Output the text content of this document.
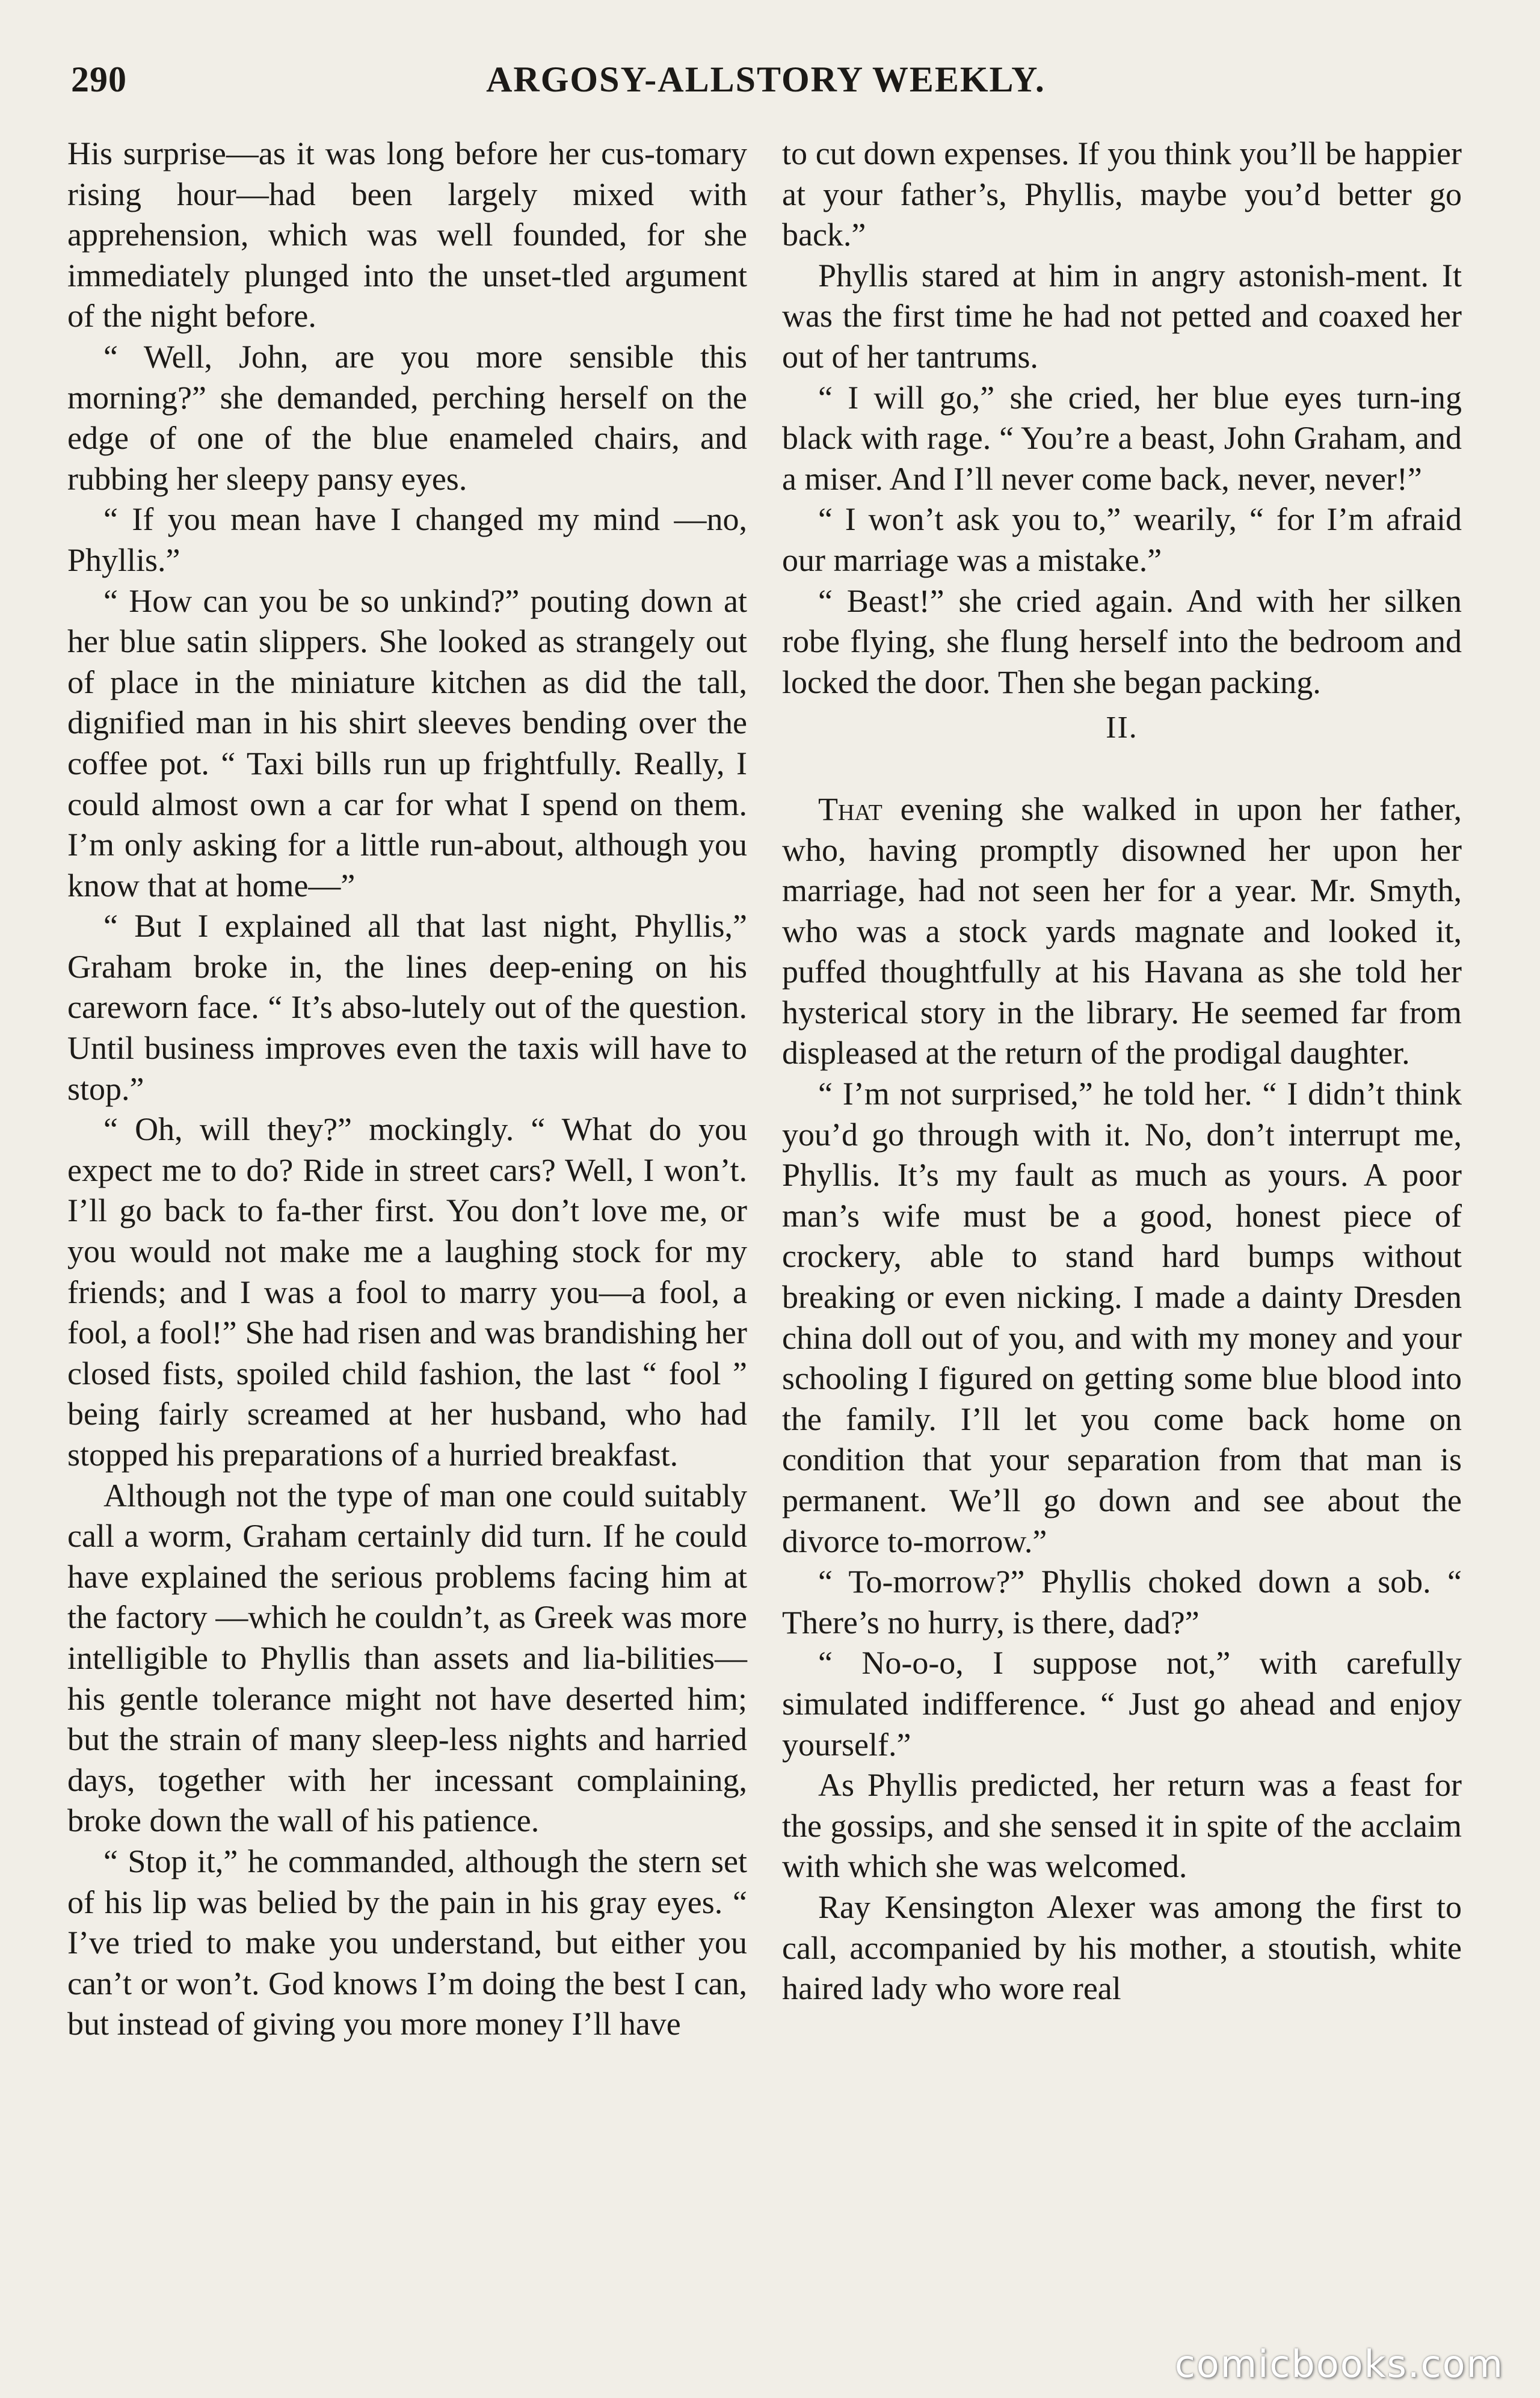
290	ARGOSY-ALLSTORY WEEKLY.

His surprise—as it was long before her cus-tomary rising hour—had been largely mixed with apprehension, which was well founded, for she immediately plunged into the unset-tled argument of the night before.

“ Well, John, are you more sensible this morning?” she demanded, perching herself on the edge of one of the blue enameled chairs, and rubbing her sleepy pansy eyes.

“ If you mean have I changed my mind —no, Phyllis.”

“ How can you be so unkind?” pouting down at her blue satin slippers. She looked as strangely out of place in the miniature kitchen as did the tall, dignified man in his shirt sleeves bending over the coffee pot. “ Taxi bills run up frightfully. Really, I could almost own a car for what I spend on them. I’m only asking for a little run-about, although you know that at home—”

“ But I explained all that last night, Phyllis,” Graham broke in, the lines deep-ening on his careworn face. “ It’s abso-lutely out of the question. Until business improves even the taxis will have to stop.”

“ Oh, will they?” mockingly. “ What do you expect me to do? Ride in street cars? Well, I won’t. I’ll go back to fa-ther first. You don’t love me, or you would not make me a laughing stock for my friends; and I was a fool to marry you—a fool, a fool, a fool!” She had risen and was brandishing her closed fists, spoiled child fashion, the last “ fool ” being fairly screamed at her husband, who had stopped his preparations of a hurried breakfast.

Although not the type of man one could suitably call a worm, Graham certainly did turn. If he could have explained the serious problems facing him at the factory —which he couldn’t, as Greek was more intelligible to Phyllis than assets and lia-bilities—his gentle tolerance might not have deserted him; but the strain of many sleep-less nights and harried days, together with her incessant complaining, broke down the wall of his patience.

“ Stop it,” he commanded, although the stern set of his lip was belied by the pain in his gray eyes. “ I’ve tried to make you understand, but either you can’t or won’t. God knows I’m doing the best I can, but instead of giving you more money I’ll have

to cut down expenses. If you think you’ll be happier at your father’s, Phyllis, maybe you’d better go back.”

Phyllis stared at him in angry astonish-ment. It was the first time he had not petted and coaxed her out of her tantrums.

“ I will go,” she cried, her blue eyes turn-ing black with rage. “ You’re a beast, John Graham, and a miser. And I’ll never come back, never, never!”

“ I won’t ask you to,” wearily, “ for I’m afraid our marriage was a mistake.”

“ Beast!” she cried again. And with her silken robe flying, she flung herself into the bedroom and locked the door. Then she began packing.

II.

That evening she walked in upon her father, who, having promptly disowned her upon her marriage, had not seen her for a year. Mr. Smyth, who was a stock yards magnate and looked it, puffed thoughtfully at his Havana as she told her hysterical story in the library. He seemed far from displeased at the return of the prodigal daughter.

“ I’m not surprised,” he told her. “ I didn’t think you’d go through with it. No, don’t interrupt me, Phyllis. It’s my fault as much as yours. A poor man’s wife must be a good, honest piece of crockery, able to stand hard bumps without breaking or even nicking. I made a dainty Dresden china doll out of you, and with my money and your schooling I figured on getting some blue blood into the family. I’ll let you come back home on condition that your separation from that man is permanent. We’ll go down and see about the divorce to-morrow.”

“ To-morrow?” Phyllis choked down a sob. “ There’s no hurry, is there, dad?”

“ No-o-o, I suppose not,” with carefully simulated indifference. “ Just go ahead and enjoy yourself.”

As Phyllis predicted, her return was a feast for the gossips, and she sensed it in spite of the acclaim with which she was welcomed.

Ray Kensington Alexer was among the first to call, accompanied by his mother, a stoutish, white haired lady who wore real

comicbooks.com
